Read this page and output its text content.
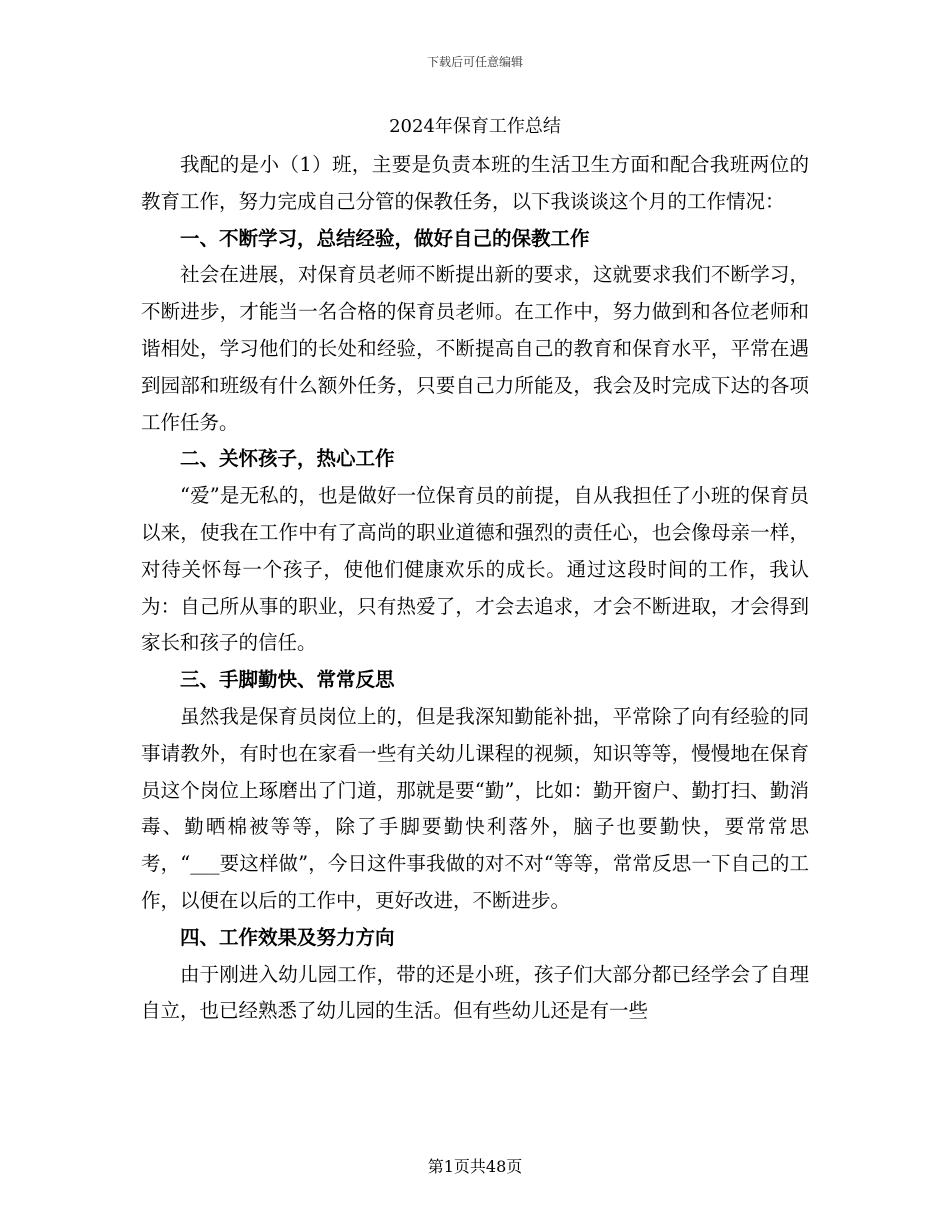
下载后可任意编辑
2024年保育工作总结

我配的是小（1）班，主要是负责本班的生活卫生方面和配合我班两位的教育工作，努力完成自己分管的保教任务，以下我谈谈这个月的工作情况：

一、不断学习，总结经验，做好自己的保教工作

社会在进展，对保育员老师不断提出新的要求，这就要求我们不断学习，不断进步，才能当一名合格的保育员老师。在工作中，努力做到和各位老师和谐相处，学习他们的长处和经验，不断提高自己的教育和保育水平，平常在遇到园部和班级有什么额外任务，只要自己力所能及，我会及时完成下达的各项工作任务。

二、关怀孩子，热心工作

“爱”是无私的，也是做好一位保育员的前提，自从我担任了小班的保育员以来，使我在工作中有了高尚的职业道德和强烈的责任心，也会像母亲一样，对待关怀每一个孩子，使他们健康欢乐的成长。通过这段时间的工作，我认为：自己所从事的职业，只有热爱了，才会去追求，才会不断进取，才会得到家长和孩子的信任。

三、手脚勤快、常常反思

虽然我是保育员岗位上的，但是我深知勤能补拙，平常除了向有经验的同事请教外，有时也在家看一些有关幼儿课程的视频，知识等等，慢慢地在保育员这个岗位上琢磨出了门道，那就是要“勤”，比如：勤开窗户、勤打扫、勤消毒、勤晒棉被等等，除了手脚要勤快利落外，脑子也要勤快，要常常思考，“___要这样做”，今日这件事我做的对不对“等等，常常反思一下自己的工作，以便在以后的工作中，更好改进，不断进步。

四、工作效果及努力方向

由于刚进入幼儿园工作，带的还是小班，孩子们大部分都已经学会了自理自立，也已经熟悉了幼儿园的生活。但有些幼儿还是有一些

第1页共48页
